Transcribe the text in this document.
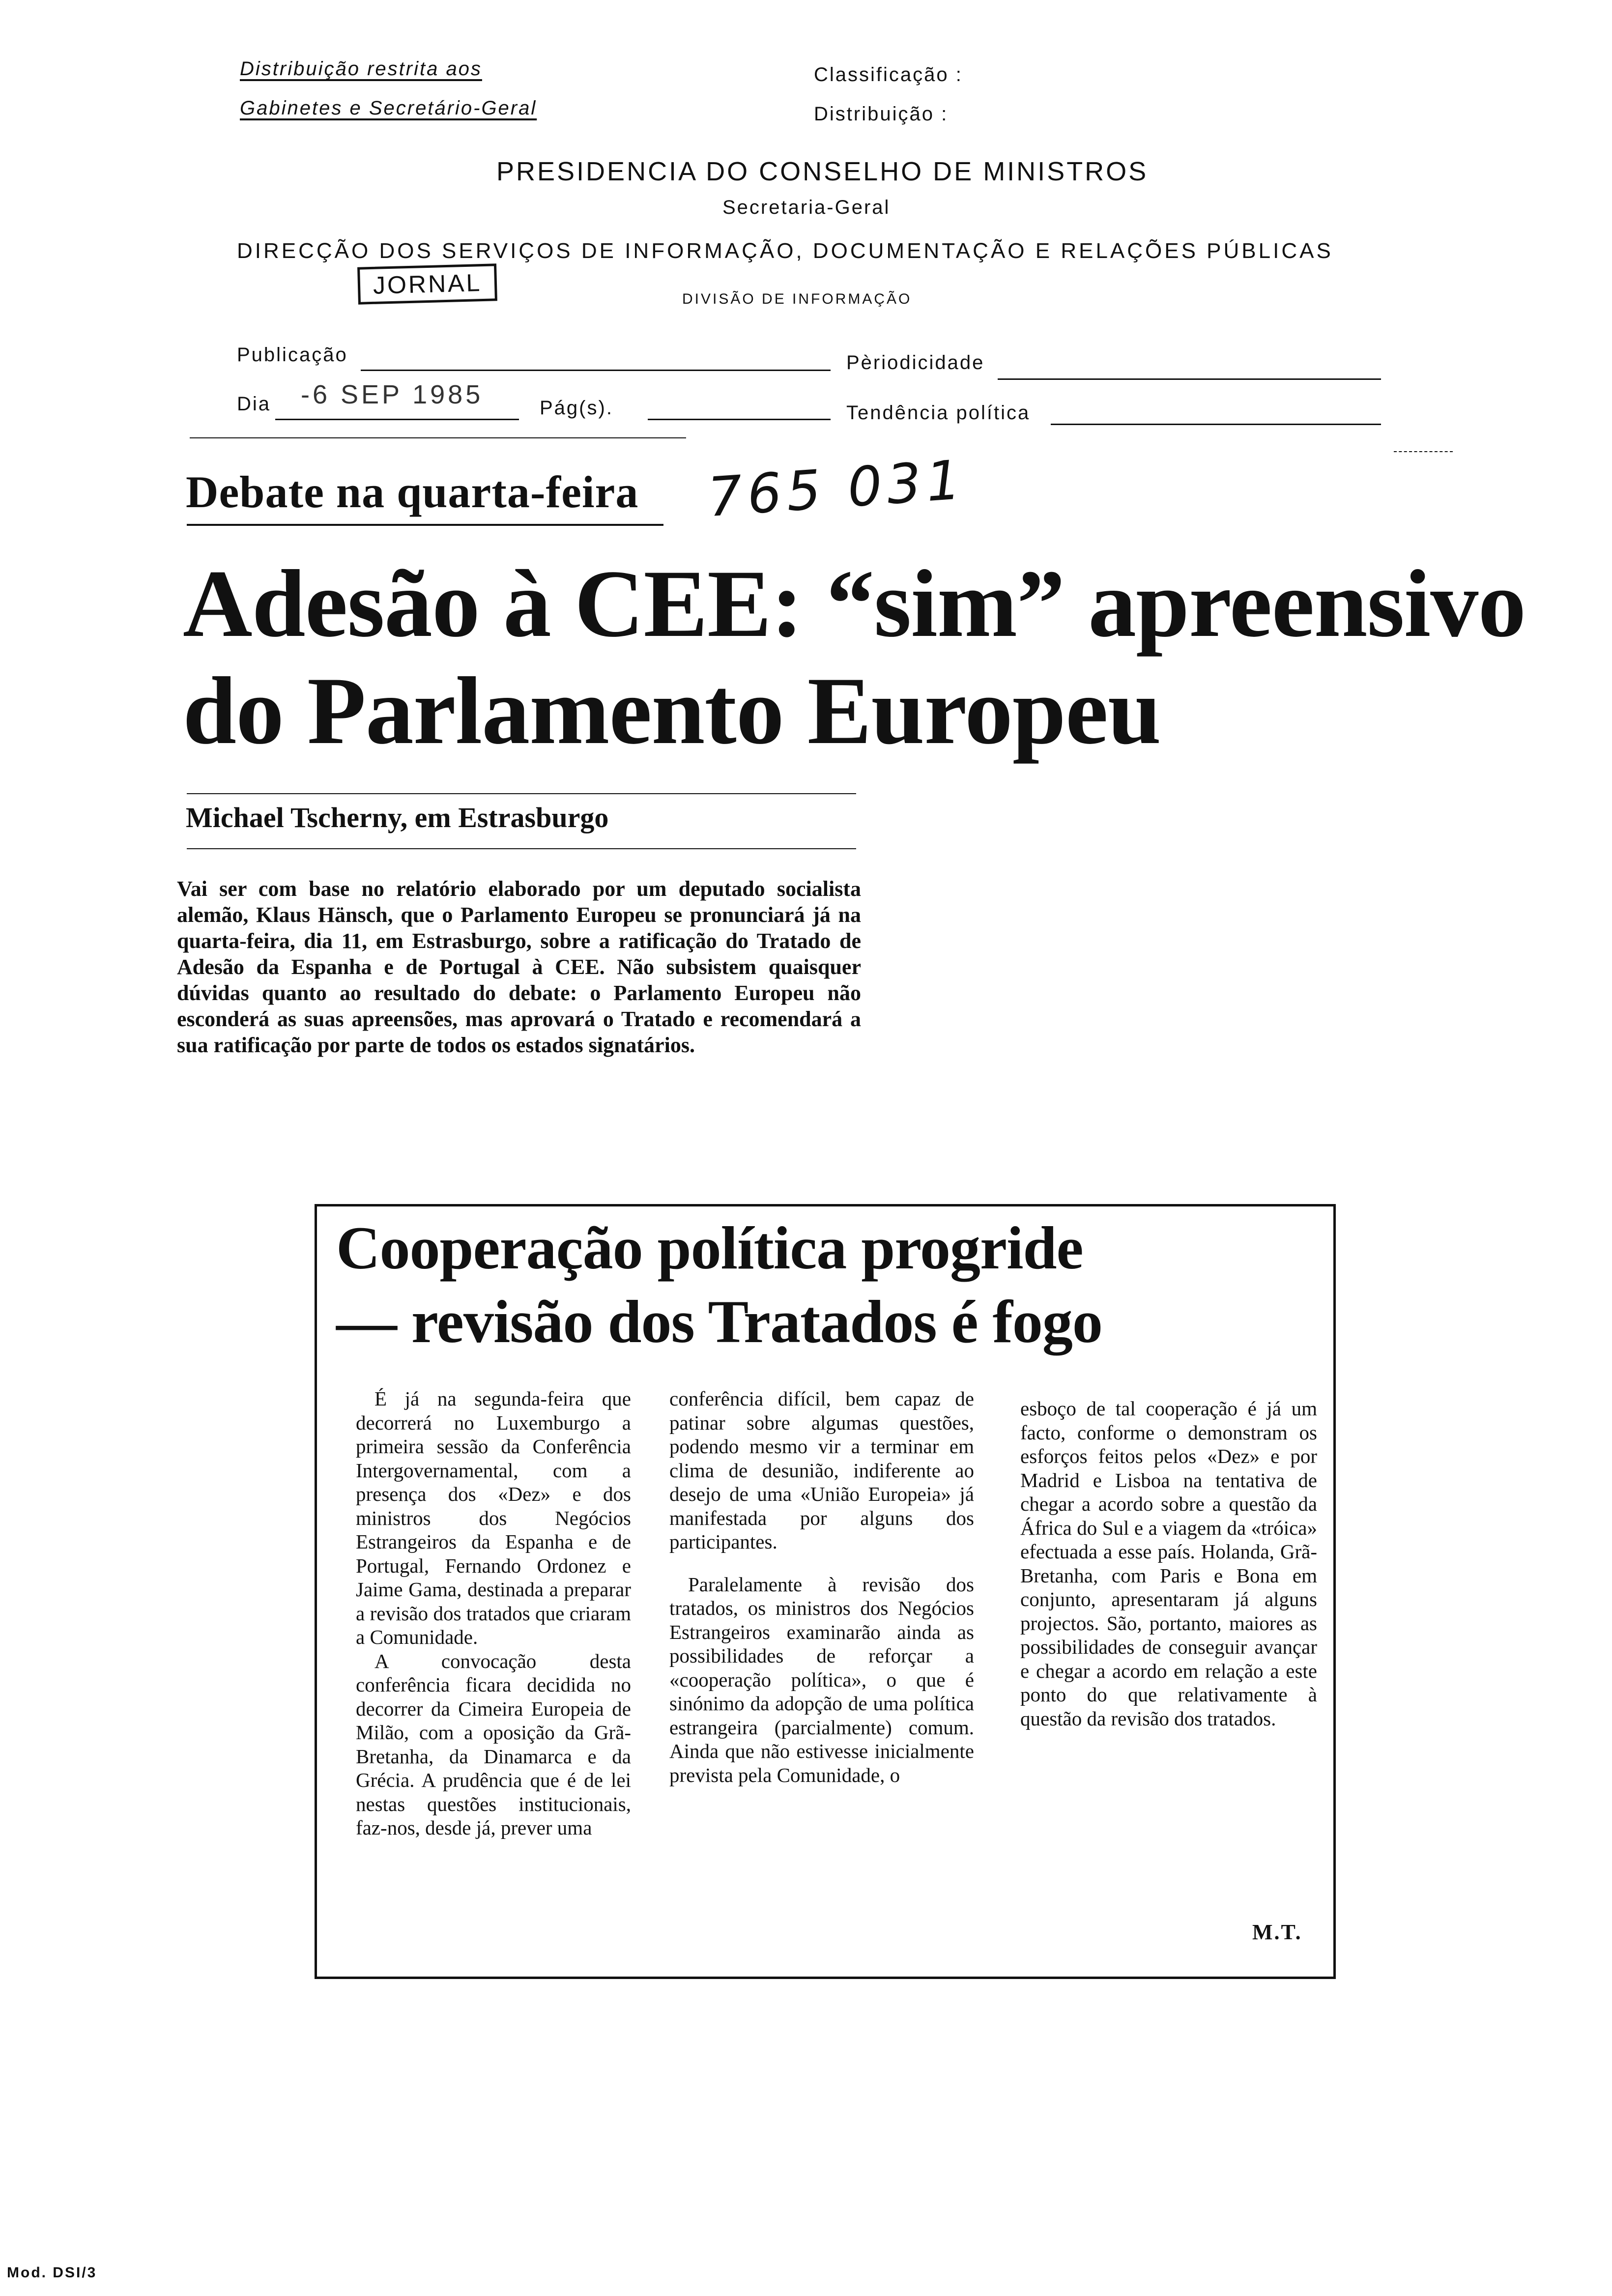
Distribuição restrita aos
Gabinetes e Secretário-Geral
Classificação :
Distribuição :
PRESIDENCIA DO CONSELHO DE MINISTROS
Secretaria-Geral
DIRECÇÃO DOS SERVIÇOS DE INFORMAÇÃO, DOCUMENTAÇÃO E RELAÇÕES PÚBLICAS
JORNAL	DIVISÃO DE INFORMAÇÃO
Publicação	Pèriodicidade
Dia -6 SEP 1985	Pág(s).	Tendência política
Debate na quarta-feira 765 031
Adesão à CEE: “sim” apreensivo
do Parlamento Europeu
Michael Tscherny, em Estrasburgo
Vai ser com base no relatório elaborado por um deputado socialista alemão, Klaus Hänsch, que o Parlamento Europeu se pronunciará já na quarta-feira, dia 11, em Estrasburgo, sobre a ratificação do Tratado de Adesão da Espanha e de Portugal à CEE. Não subsistem quaisquer dúvidas quanto ao resultado do debate: o Parlamento Europeu não esconderá as suas apreensões, mas aprovará o Tratado e recomendará a sua ratificação por parte de todos os estados signatários.
Cooperação política progride
— revisão dos Tratados é fogo

É já na segunda-feira que decorrerá no Luxemburgo a primeira sessão da Conferência Intergovernamental, com a presença dos «Dez» e dos ministros dos Negócios Estrangeiros da Espanha e de Portugal, Fernando Ordonez e Jaime Gama, destinada a preparar a revisão dos tratados que criaram a Comunidade.

A convocação desta conferência ficara decidida no decorrer da Cimeira Europeia de Milão, com a oposição da Grã-Bretanha, da Dinamarca e da Grécia. A prudência que é de lei nestas questões institucionais, faz-nos, desde já, prever uma

conferência difícil, bem capaz de patinar sobre algumas questões, podendo mesmo vir a terminar em clima de desunião, indiferente ao desejo de uma «União Europeia» já manifestada por alguns dos participantes.

Paralelamente à revisão dos tratados, os ministros dos Negócios Estrangeiros examinarão ainda as possibilidades de reforçar a «cooperação política», o que é sinónimo da adopção de uma política estrangeira (parcialmente) comum. Ainda que não estivesse inicialmente prevista pela Comunidade, o

esboço de tal cooperação é já um facto, conforme o demonstram os esforços feitos pelos «Dez» e por Madrid e Lisboa na tentativa de chegar a acordo sobre a questão da África do Sul e a viagem da «tróica» efectuada a esse país. Holanda, Grã-Bretanha, com Paris e Bona em conjunto, apresentaram já alguns projectos. São, portanto, maiores as possibilidades de conseguir avançar e chegar a acordo em relação a este ponto do que relativamente à questão da revisão dos tratados.

M.T.
Mod. DSI/3
